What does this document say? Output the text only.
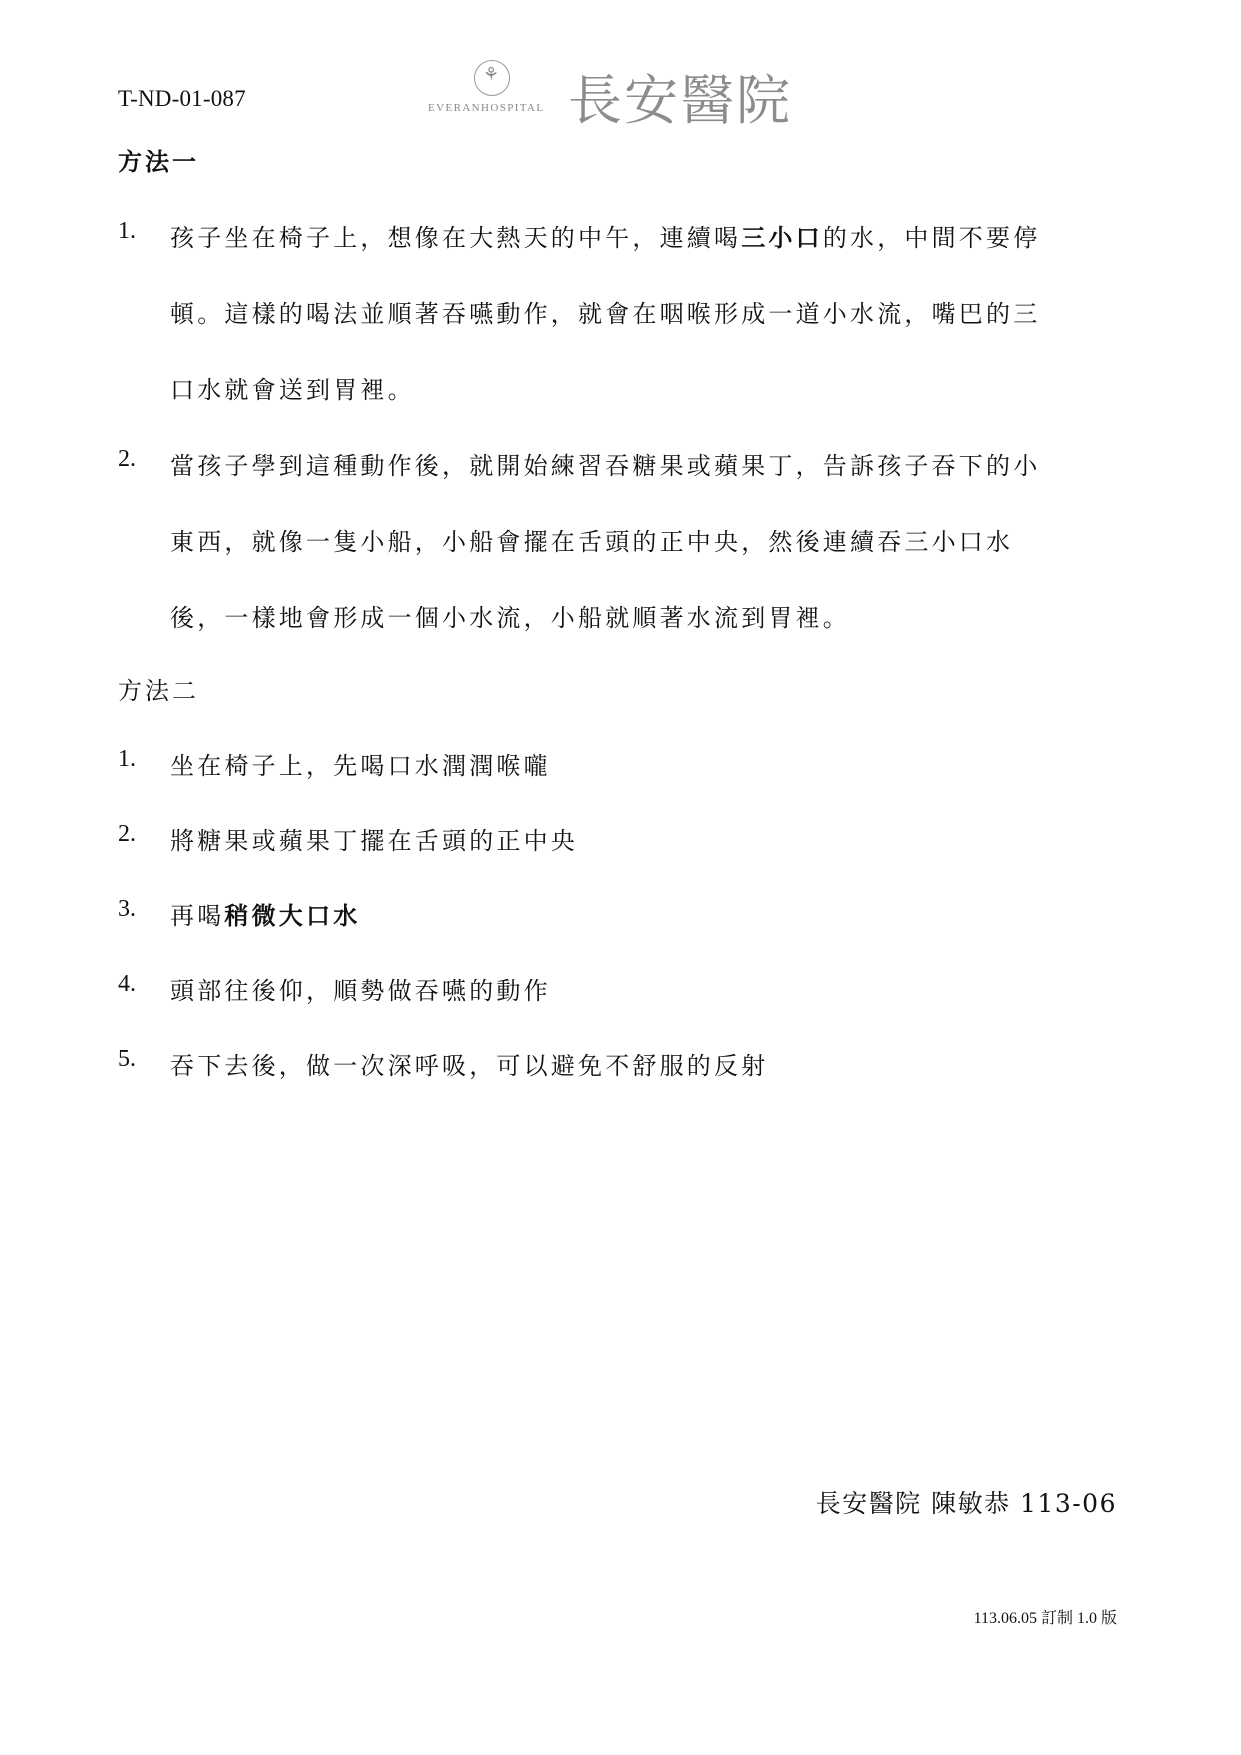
T-ND-01-087
⚘	EVERANHOSPITAL 長安醫院
方法一
1. 孩子坐在椅子上，想像在大熱天的中午，連續喝三小口的水，中間不要停
頓。這樣的喝法並順著吞嚥動作，就會在咽喉形成一道小水流，嘴巴的三
口水就會送到胃裡。
2. 當孩子學到這種動作後，就開始練習吞糖果或蘋果丁，告訴孩子吞下的小
東西，就像一隻小船，小船會擺在舌頭的正中央，然後連續吞三小口水
後，一樣地會形成一個小水流，小船就順著水流到胃裡。
方法二
1. 坐在椅子上，先喝口水潤潤喉嚨
2. 將糖果或蘋果丁擺在舌頭的正中央
3. 再喝稍微大口水
4. 頭部往後仰，順勢做吞嚥的動作
5. 吞下去後，做一次深呼吸，可以避免不舒服的反射
長安醫院 陳敏恭 113-06
113.06.05 訂制 1.0 版
